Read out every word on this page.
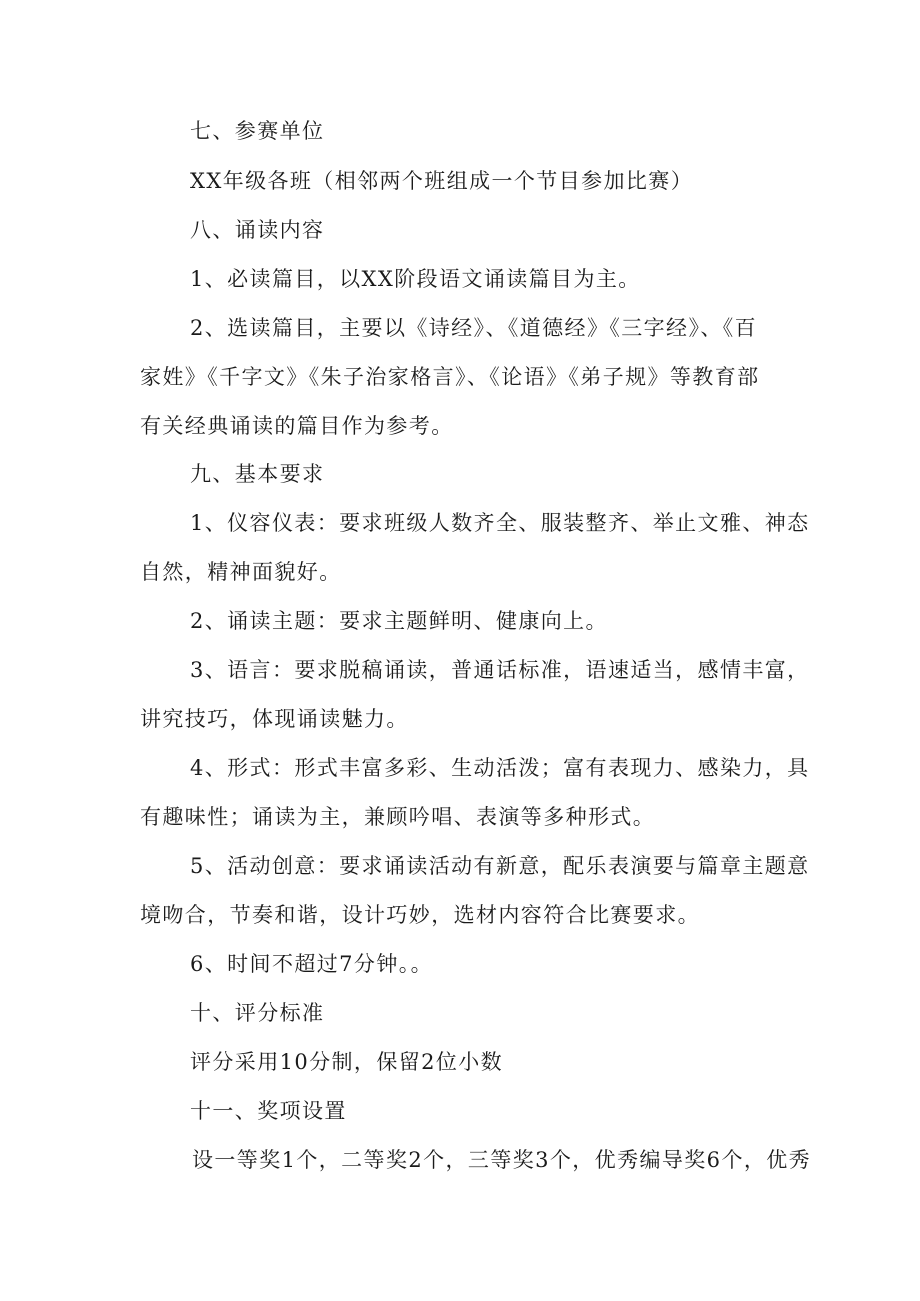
七、参赛单位
XX年级各班（相邻两个班组成一个节目参加比赛）
八、诵读内容
1、必读篇目，以XX阶段语文诵读篇目为主。
2、选读篇目，主要以《诗经》、《道德经》《三字经》、《百
家姓》《千字文》《朱子治家格言》、《论语》《弟子规》等教育部
有关经典诵读的篇目作为参考。
九、基本要求
1、仪容仪表：要求班级人数齐全、服装整齐、举止文雅、神态
自然，精神面貌好。
2、诵读主题：要求主题鲜明、健康向上。
3、语言：要求脱稿诵读，普通话标准，语速适当，感情丰富，
讲究技巧，体现诵读魅力。
4、形式：形式丰富多彩、生动活泼；富有表现力、感染力，具
有趣味性；诵读为主，兼顾吟唱、表演等多种形式。
5、活动创意：要求诵读活动有新意，配乐表演要与篇章主题意
境吻合，节奏和谐，设计巧妙，选材内容符合比赛要求。
6、时间不超过7分钟。。
十、评分标准
评分采用10分制，保留2位小数
十一、奖项设置
设一等奖1个，二等奖2个，三等奖3个，优秀编导奖6个，优秀
